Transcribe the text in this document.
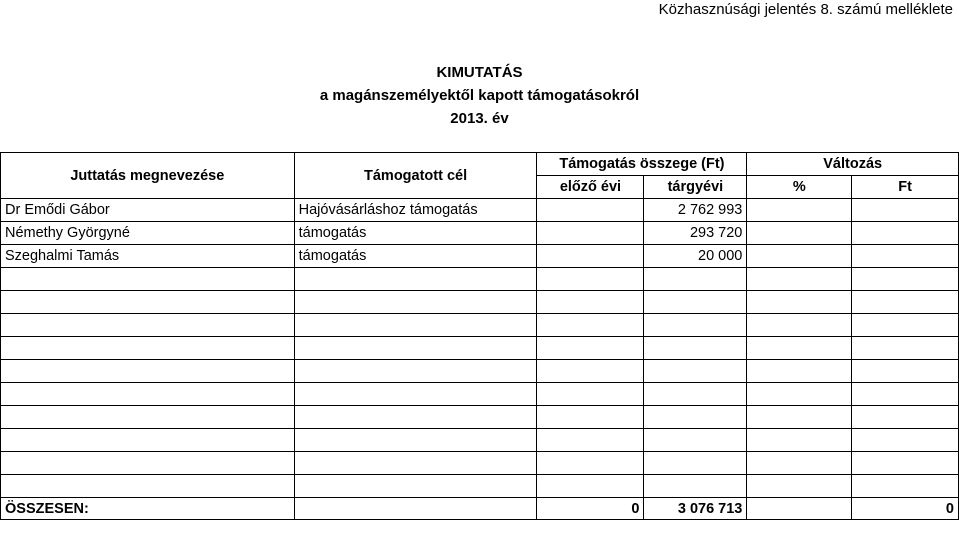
Közhasznúsági jelentés 8. számú melléklete
KIMUTATÁS
a magánszemélyektől kapott támogatásokról
2013. év
Juttatás megnevezése	Támogatott cél	Támogatás összege (Ft)		Változás	
		előző évi	tárgyévi	%	Ft
Dr Emődi Gábor	Hajóvásárláshoz támogatás		2 762 993		
Némethy Györgyné	támogatás		293 720		
Szeghalmi Tamás	támogatás		20 000		

ÖSSZESEN:		0	3 076 713		0
